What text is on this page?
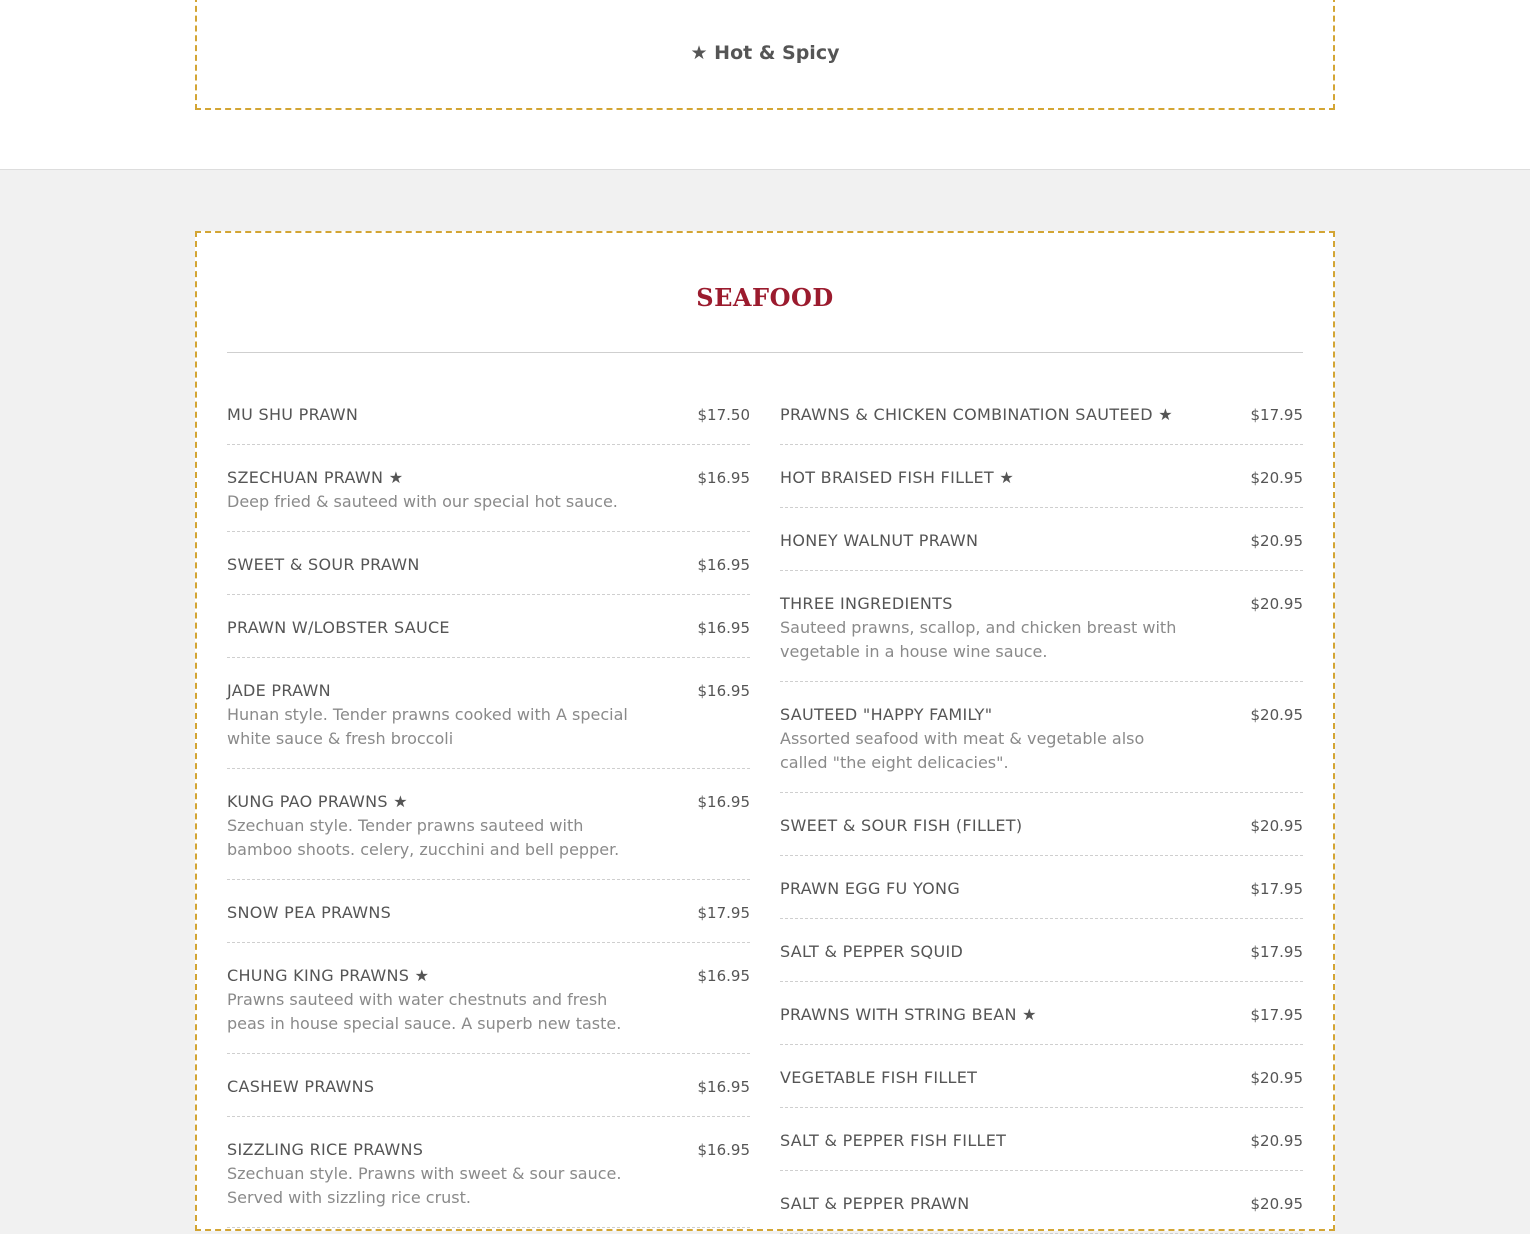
★ Hot & Spicy
SEAFOOD
MU SHU PRAWN	$17.50
SZECHUAN PRAWN ★	$16.95
Deep fried & sauteed with our special hot sauce.
SWEET & SOUR PRAWN	$16.95
PRAWN W/LOBSTER SAUCE	$16.95
JADE PRAWN	$16.95
Hunan style. Tender prawns cooked with A special white sauce & fresh broccoli
KUNG PAO PRAWNS ★	$16.95
Szechuan style. Tender prawns sauteed with bamboo shoots. celery, zucchini and bell pepper.
SNOW PEA PRAWNS	$17.95
CHUNG KING PRAWNS ★	$16.95
Prawns sauteed with water chestnuts and fresh peas in house special sauce. A superb new taste.
CASHEW PRAWNS	$16.95
SIZZLING RICE PRAWNS	$16.95
Szechuan style. Prawns with sweet & sour sauce. Served with sizzling rice crust.
PRAWNS & CHICKEN COMBINATION SAUTEED ★	$17.95
HOT BRAISED FISH FILLET ★	$20.95
HONEY WALNUT PRAWN	$20.95
THREE INGREDIENTS	$20.95
Sauteed prawns, scallop, and chicken breast with vegetable in a house wine sauce.
SAUTEED "HAPPY FAMILY"	$20.95
Assorted seafood with meat & vegetable also called "the eight delicacies".
SWEET & SOUR FISH (FILLET)	$20.95
PRAWN EGG FU YONG	$17.95
SALT & PEPPER SQUID	$17.95
PRAWNS WITH STRING BEAN ★	$17.95
VEGETABLE FISH FILLET	$20.95
SALT & PEPPER FISH FILLET	$20.95
SALT & PEPPER PRAWN	$20.95
